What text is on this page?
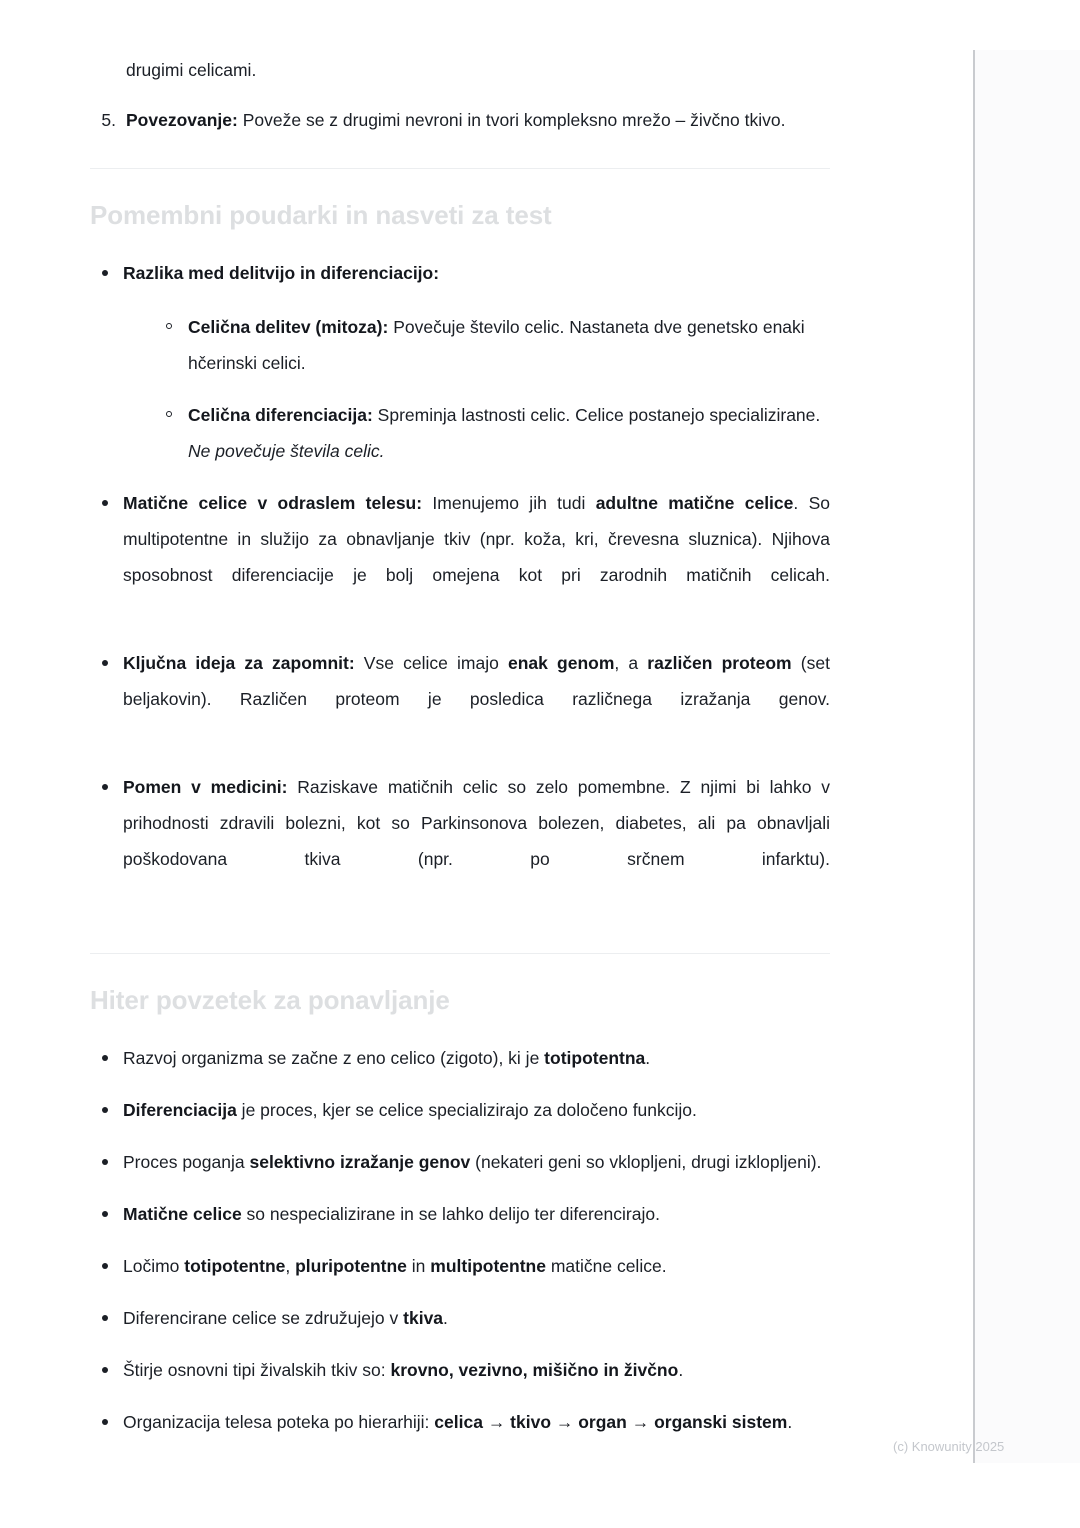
drugimi celicami.
5. Povezovanje: Poveže se z drugimi nevroni in tvori kompleksno mrežo – živčno tkivo.
Pomembni poudarki in nasveti za test
Razlika med delitvijo in diferenciacijo:
Celična delitev (mitoza): Povečuje število celic. Nastaneta dve genetsko enaki hčerinski celici.
Celična diferenciacija: Spreminja lastnosti celic. Celice postanejo specializirane. Ne povečuje števila celic.
Matične celice v odraslem telesu: Imenujemo jih tudi adultne matične celice. So multipotentne in služijo za obnavljanje tkiv (npr. koža, kri, črevesna sluznica). Njihova sposobnost diferenciacije je bolj omejena kot pri zarodnih matičnih celicah.
Ključna ideja za zapomnit: Vse celice imajo enak genom, a različen proteom (set beljakovin). Različen proteom je posledica različnega izražanja genov.
Pomen v medicini: Raziskave matičnih celic so zelo pomembne. Z njimi bi lahko v prihodnosti zdravili bolezni, kot so Parkinsonova bolezen, diabetes, ali pa obnavljali poškodovana tkiva (npr. po srčnem infarktu).
Hiter povzetek za ponavljanje
Razvoj organizma se začne z eno celico (zigoto), ki je totipotentna.
Diferenciacija je proces, kjer se celice specializirajo za določeno funkcijo.
Proces poganja selektivno izražanje genov (nekateri geni so vklopljeni, drugi izklopljeni).
Matične celice so nespecializirane in se lahko delijo ter diferencirajo.
Ločimo totipotentne, pluripotentne in multipotentne matične celice.
Diferencirane celice se združujejo v tkiva.
Štirje osnovni tipi živalskih tkiv so: krovno, vezivno, mišično in živčno.
Organizacija telesa poteka po hierarhiji: celica → tkivo → organ → organski sistem.
(c) Knowunity 2025
